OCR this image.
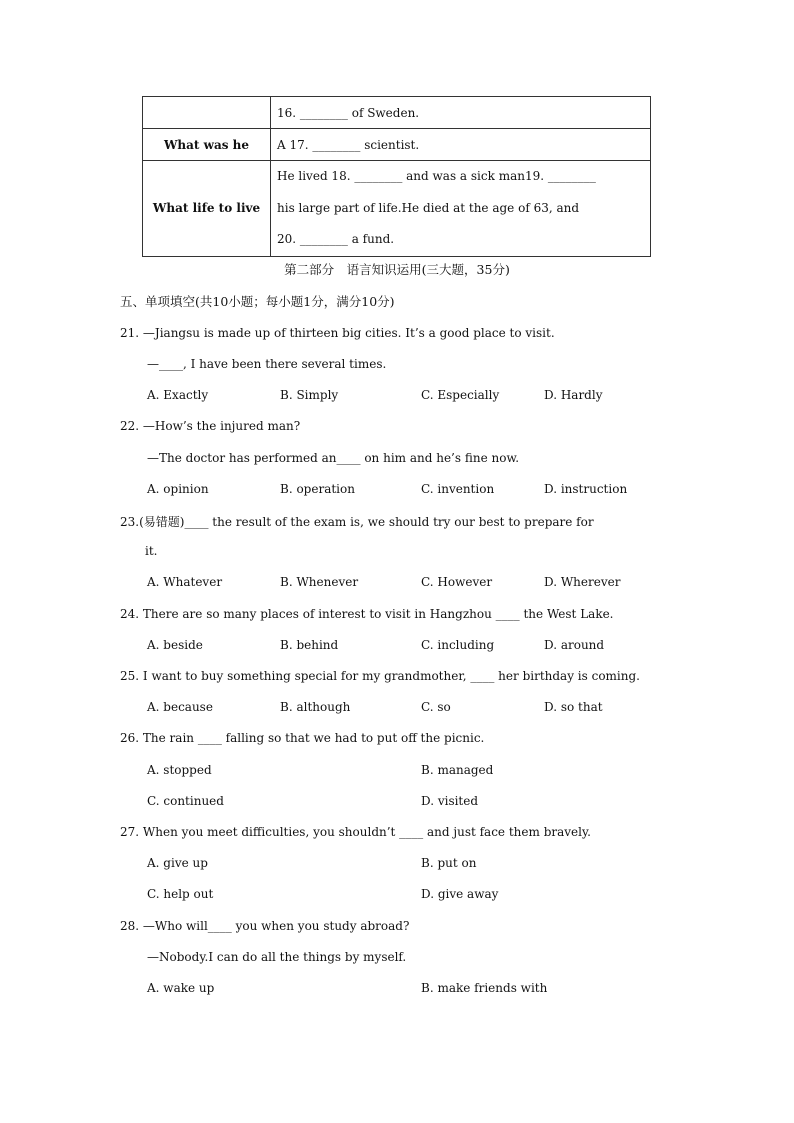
	16. ________ of Sweden.
What was he	A 17. ________ scientist.
What life to live	He lived 18. ________ and was a sick man19. ________
his large part of life.He died at the age of 63, and
20. ________ a fund.
第二部分　语言知识运用(三大题，35分)
五、单项填空(共10小题；每小题1分，满分10分)
21. —Jiangsu is made up of thirteen big cities. It’s a good place to visit.
—____, I have been there several times.
A. Exactly	B. Simply	C. Especially	D. Hardly
22. —How’s the injured man?
—The doctor has performed an____ on him and he’s fine now.
A. opinion	B. operation	C. invention	D. instruction
23.(易错题)____ the result of the exam is, we should try our best to prepare for
it.
A. Whatever	B. Whenever	C. However	D. Wherever
24. There are so many places of interest to visit in Hangzhou ____ the West Lake.
A. beside	B. behind	C. including	D. around
25. I want to buy something special for my grandmother, ____ her birthday is coming.
A. because	B. although	C. so	D. so that
26. The rain ____ falling so that we had to put off the picnic.
A. stopped	B. managed
C. continued	D. visited
27. When you meet difficulties, you shouldn’t ____ and just face them bravely.
A. give up	B. put on
C. help out	D. give away
28. —Who will____ you when you study abroad?
—Nobody.I can do all the things by myself.
A. wake up	B. make friends with
